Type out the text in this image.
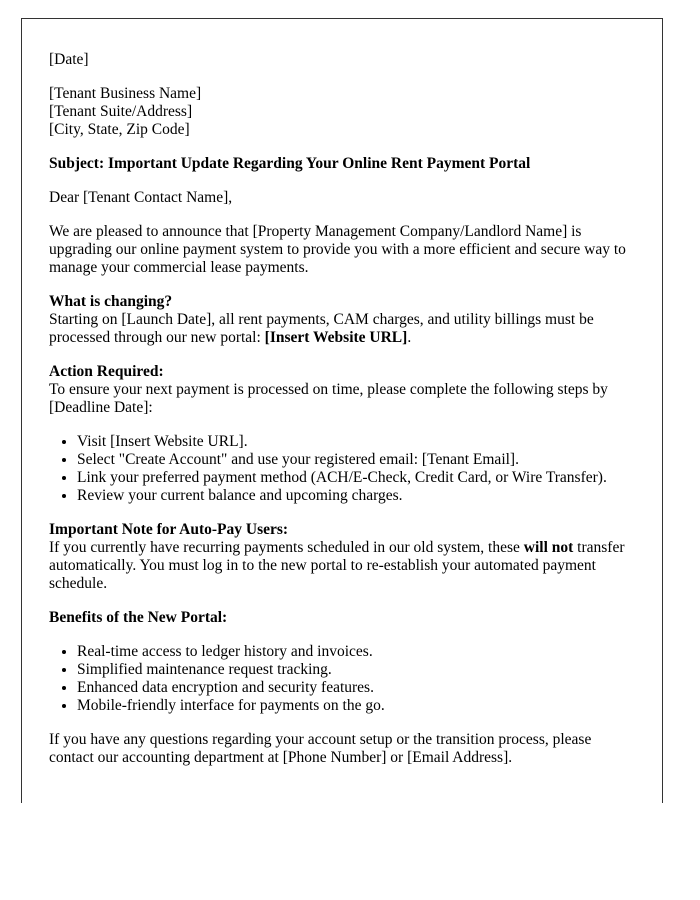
[Date]

[Tenant Business Name]
[Tenant Suite/Address]
[City, State, Zip Code]

Subject: Important Update Regarding Your Online Rent Payment Portal

Dear [Tenant Contact Name],

We are pleased to announce that [Property Management Company/Landlord Name] is upgrading our online payment system to provide you with a more efficient and secure way to manage your commercial lease payments.

What is changing?
Starting on [Launch Date], all rent payments, CAM charges, and utility billings must be processed through our new portal: [Insert Website URL].

Action Required:
To ensure your next payment is processed on time, please complete the following steps by [Deadline Date]:

• Visit [Insert Website URL].
• Select "Create Account" and use your registered email: [Tenant Email].
• Link your preferred payment method (ACH/E-Check, Credit Card, or Wire Transfer).
• Review your current balance and upcoming charges.

Important Note for Auto-Pay Users:
If you currently have recurring payments scheduled in our old system, these will not transfer automatically. You must log in to the new portal to re-establish your automated payment schedule.

Benefits of the New Portal:

• Real-time access to ledger history and invoices.
• Simplified maintenance request tracking.
• Enhanced data encryption and security features.
• Mobile-friendly interface for payments on the go.

If you have any questions regarding your account setup or the transition process, please contact our accounting department at [Phone Number] or [Email Address].
